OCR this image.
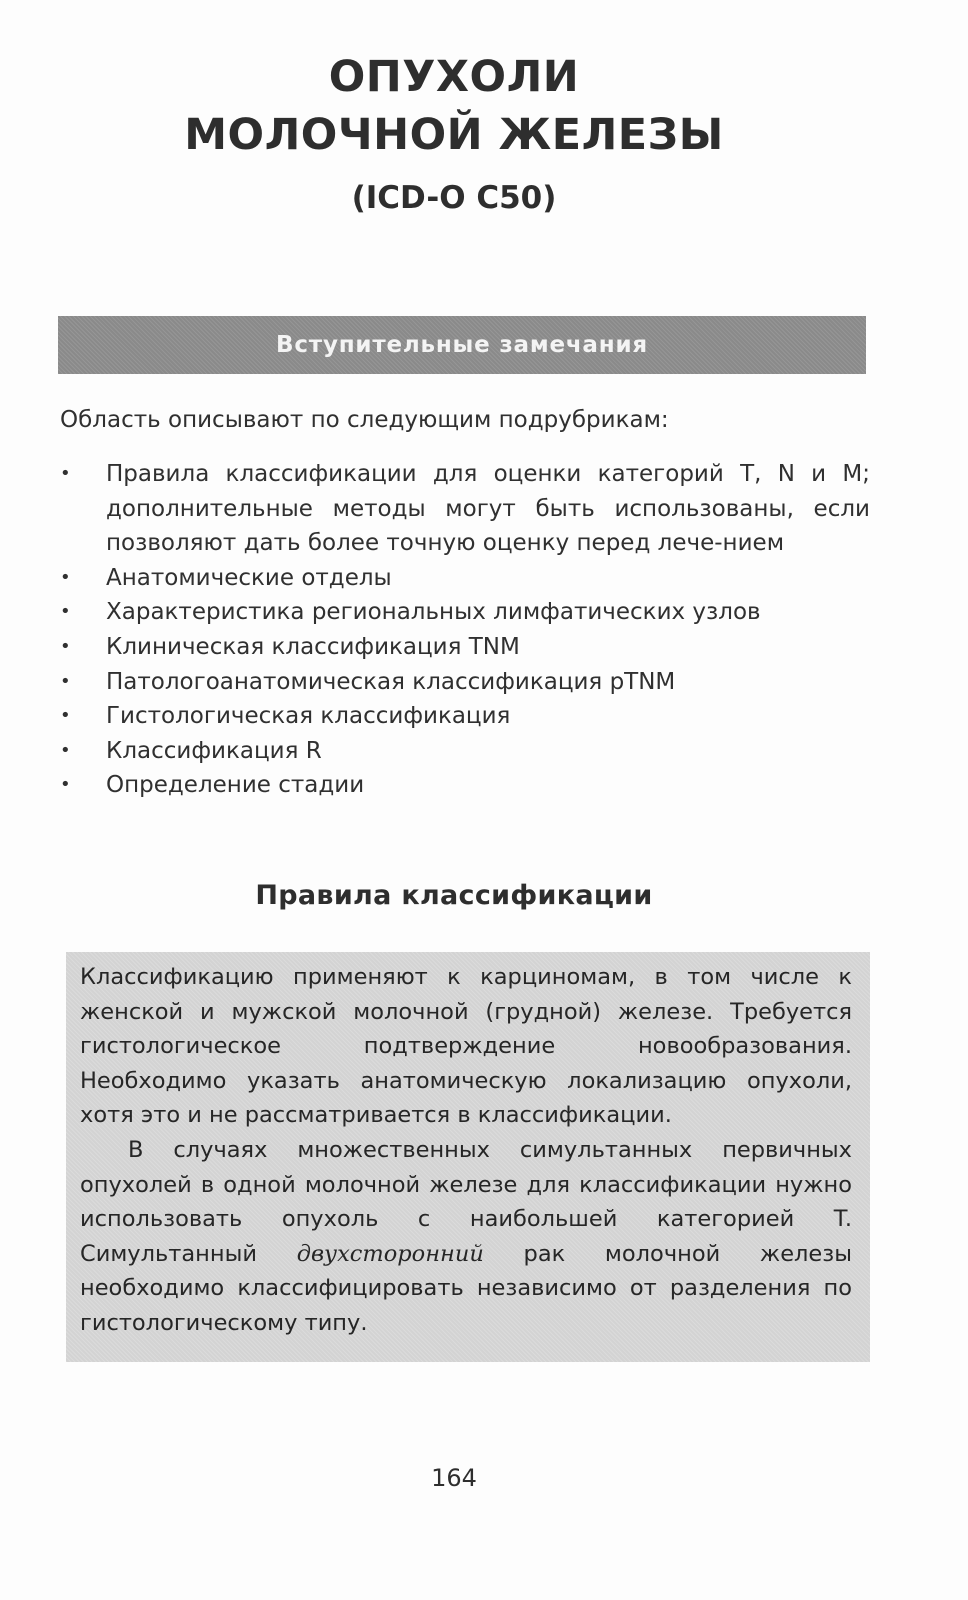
ОПУХОЛИ
МОЛОЧНОЙ ЖЕЛЕЗЫ
(ICD-O C50)
Вступительные замечания
Область описывают по следующим подрубрикам:
• Правила классификации для оценки категорий T, N и M; дополнительные методы могут быть использованы, если позволяют дать более точную оценку перед лече-нием
• Анатомические отделы
• Характеристика региональных лимфатических узлов
• Клиническая классификация TNM
• Патологоанатомическая классификация pTNM
• Гистологическая классификация
• Классификация R
• Определение стадии
Правила классификации

Классификацию применяют к карциномам, в том числе к женской и мужской молочной (грудной) железе. Требуется гистологическое подтверждение новообразования. Необходимо указать анатомическую локализацию опухоли, хотя это и не рассматривается в классификации.

В случаях множественных симультанных первичных опухолей в одной молочной железе для классификации нужно использовать опухоль с наибольшей категорией T. Симультанный двухсторонний рак молочной железы необходимо классифицировать независимо от разделения по гистологическому типу.

164
